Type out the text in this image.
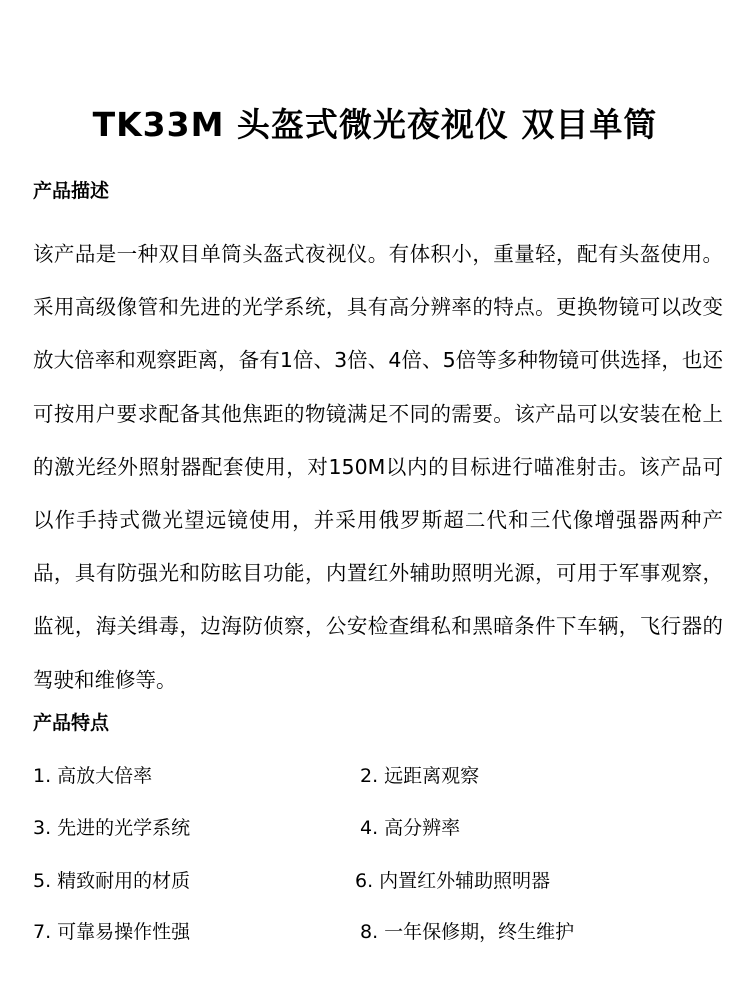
TK33M 头盔式微光夜视仪 双目单筒
产品描述

该产品是一种双目单筒头盔式夜视仪。有体积小，重量轻，配有头盔使用。采用高级像管和先进的光学系统，具有高分辨率的特点。更换物镜可以改变放大倍率和观察距离，备有1倍、3倍、4倍、5倍等多种物镜可供选择，也还可按用户要求配备其他焦距的物镜满足不同的需要。该产品可以安装在枪上的激光经外照射器配套使用，对150M以内的目标进行喵准射击。该产品可以作手持式微光望远镜使用，并采用俄罗斯超二代和三代像增强器两种产品，具有防强光和防眩目功能，内置红外辅助照明光源，可用于军事观察，监视，海关缉毒，边海防侦察，公安检查缉私和黑暗条件下车辆，飞行器的驾驶和维修等。

产品特点
1. 高放大倍率	2. 远距离观察
3. 先进的光学系统	4. 高分辨率
5. 精致耐用的材质	6. 内置红外辅助照明器
7. 可靠易操作性强	8. 一年保修期，终生维护
